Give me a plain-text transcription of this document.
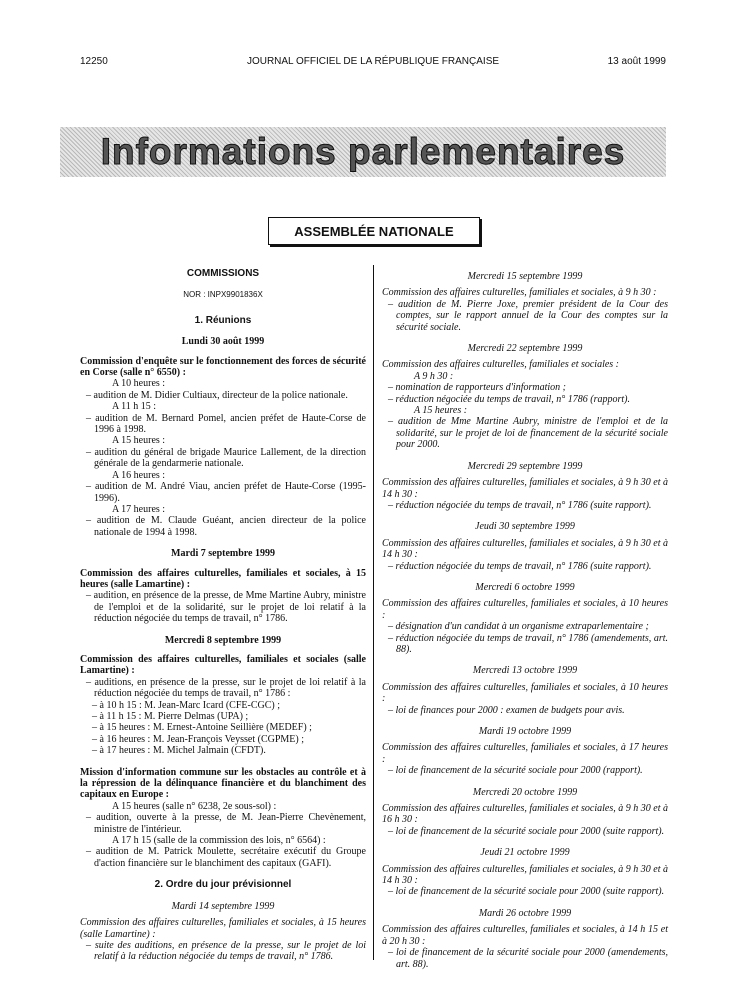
12250	JOURNAL OFFICIEL DE LA RÉPUBLIQUE FRANÇAISE	13 août 1999
Informations parlementaires
ASSEMBLÉE NATIONALE
COMMISSIONS
NOR : INPX9901836X
1. Réunions
Lundi 30 août 1999
Commission d'enquête sur le fonctionnement des forces de sécurité en Corse (salle n° 6550) :
A 10 heures :
– audition de M. Didier Cultiaux, directeur de la police nationale.
A 11 h 15 :
– audition de M. Bernard Pomel, ancien préfet de Haute-Corse de 1996 à 1998.
A 15 heures :
– audition du général de brigade Maurice Lallement, de la direction générale de la gendarmerie nationale.
A 16 heures :
– audition de M. André Viau, ancien préfet de Haute-Corse (1995-1996).
A 17 heures :
– audition de M. Claude Guéant, ancien directeur de la police nationale de 1994 à 1998.
Mardi 7 septembre 1999
Commission des affaires culturelles, familiales et sociales, à 15 heures (salle Lamartine) :
– audition, en présence de la presse, de Mme Martine Aubry, ministre de l'emploi et de la solidarité, sur le projet de loi relatif à la réduction négociée du temps de travail, n° 1786.
Mercredi 8 septembre 1999
Commission des affaires culturelles, familiales et sociales (salle Lamartine) :
– auditions, en présence de la presse, sur le projet de loi relatif à la réduction négociée du temps de travail, n° 1786 :
– à 10 h 15 : M. Jean-Marc Icard (CFE-CGC) ;
– à 11 h 15 : M. Pierre Delmas (UPA) ;
– à 15 heures : M. Ernest-Antoine Seillière (MEDEF) ;
– à 16 heures : M. Jean-François Veysset (CGPME) ;
– à 17 heures : M. Michel Jalmain (CFDT).
Mission d'information commune sur les obstacles au contrôle et à la répression de la délinquance financière et du blanchiment des capitaux en Europe :
A 15 heures (salle n° 6238, 2e sous-sol) :
– audition, ouverte à la presse, de M. Jean-Pierre Chevènement, ministre de l'intérieur.
A 17 h 15 (salle de la commission des lois, n° 6564) :
– audition de M. Patrick Moulette, secrétaire exécutif du Groupe d'action financière sur le blanchiment des capitaux (GAFI).
2. Ordre du jour prévisionnel
Mardi 14 septembre 1999
Commission des affaires culturelles, familiales et sociales, à 15 heures (salle Lamartine) :
– suite des auditions, en présence de la presse, sur le projet de loi relatif à la réduction négociée du temps de travail, n° 1786.
Mercredi 15 septembre 1999
Commission des affaires culturelles, familiales et sociales, à 9 h 30 :
– audition de M. Pierre Joxe, premier président de la Cour des comptes, sur le rapport annuel de la Cour des comptes sur la sécurité sociale.
Mercredi 22 septembre 1999
Commission des affaires culturelles, familiales et sociales :
A 9 h 30 :
– nomination de rapporteurs d'information ;
– réduction négociée du temps de travail, n° 1786 (rapport).
A 15 heures :
– audition de Mme Martine Aubry, ministre de l'emploi et de la solidarité, sur le projet de loi de financement de la sécurité sociale pour 2000.
Mercredi 29 septembre 1999
Commission des affaires culturelles, familiales et sociales, à 9 h 30 et à 14 h 30 :
– réduction négociée du temps de travail, n° 1786 (suite rapport).
Jeudi 30 septembre 1999
Commission des affaires culturelles, familiales et sociales, à 9 h 30 et à 14 h 30 :
– réduction négociée du temps de travail, n° 1786 (suite rapport).
Mercredi 6 octobre 1999
Commission des affaires culturelles, familiales et sociales, à 10 heures :
– désignation d'un candidat à un organisme extraparlementaire ;
– réduction négociée du temps de travail, n° 1786 (amendements, art. 88).
Mercredi 13 octobre 1999
Commission des affaires culturelles, familiales et sociales, à 10 heures :
– loi de finances pour 2000 : examen de budgets pour avis.
Mardi 19 octobre 1999
Commission des affaires culturelles, familiales et sociales, à 17 heures :
– loi de financement de la sécurité sociale pour 2000 (rapport).
Mercredi 20 octobre 1999
Commission des affaires culturelles, familiales et sociales, à 9 h 30 et à 16 h 30 :
– loi de financement de la sécurité sociale pour 2000 (suite rapport).
Jeudi 21 octobre 1999
Commission des affaires culturelles, familiales et sociales, à 9 h 30 et à 14 h 30 :
– loi de financement de la sécurité sociale pour 2000 (suite rapport).
Mardi 26 octobre 1999
Commission des affaires culturelles, familiales et sociales, à 14 h 15 et à 20 h 30 :
– loi de financement de la sécurité sociale pour 2000 (amendements, art. 88).
